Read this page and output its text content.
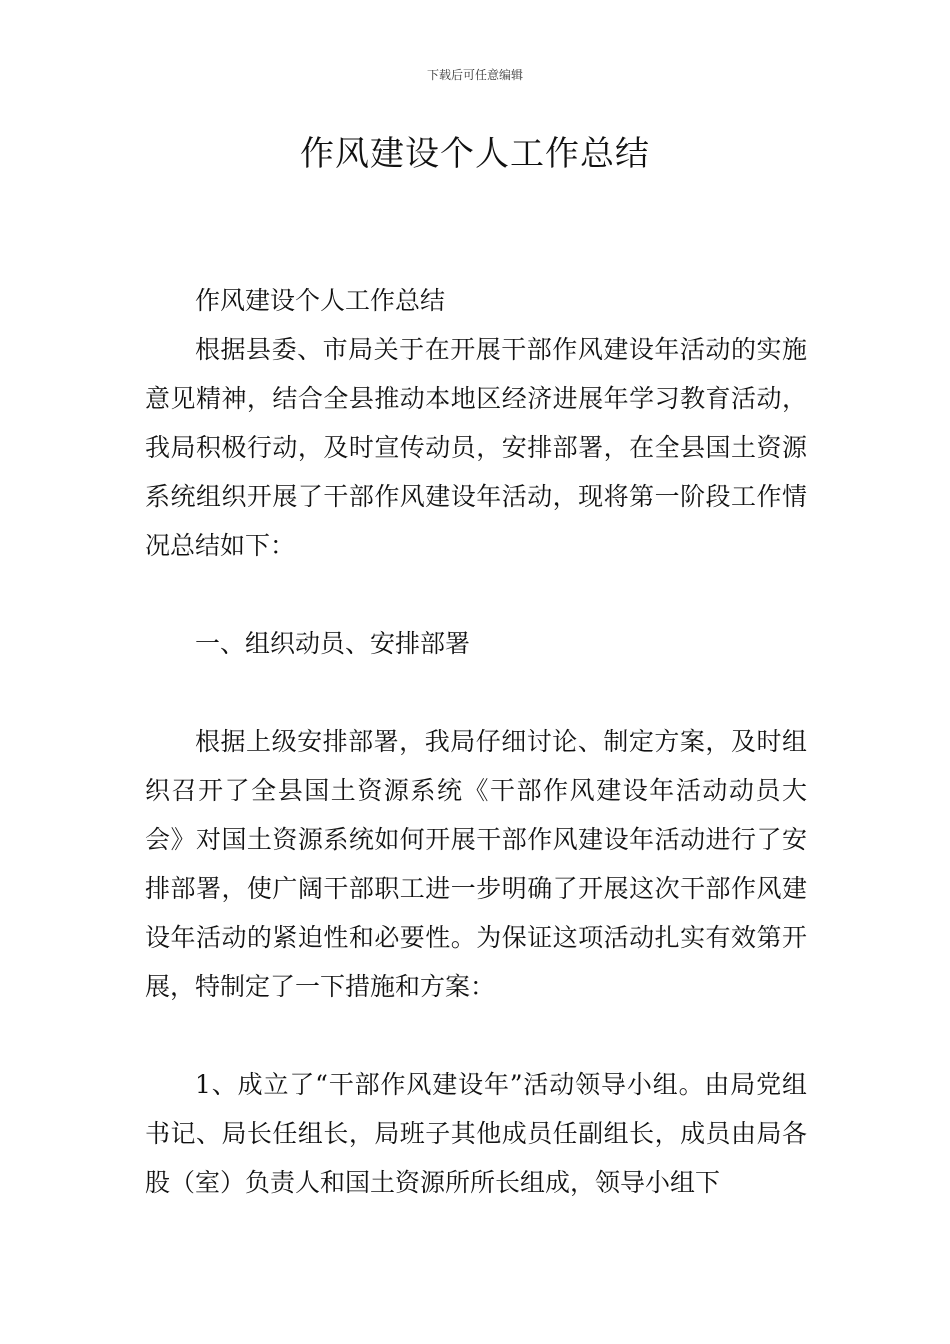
下载后可任意编辑
作风建设个人工作总结

作风建设个人工作总结

根据县委、市局关于在开展干部作风建设年活动的实施意见精神，结合全县推动本地区经济进展年学习教育活动，我局积极行动，及时宣传动员，安排部署，在全县国土资源系统组织开展了干部作风建设年活动，现将第一阶段工作情况总结如下：

一、组织动员、安排部署

根据上级安排部署，我局仔细讨论、制定方案，及时组织召开了全县国土资源系统《干部作风建设年活动动员大会》对国土资源系统如何开展干部作风建设年活动进行了安排部署，使广阔干部职工进一步明确了开展这次干部作风建设年活动的紧迫性和必要性。为保证这项活动扎实有效第开展，特制定了一下措施和方案：

1、成立了“干部作风建设年”活动领导小组。由局党组书记、局长任组长，局班子其他成员任副组长，成员由局各股（室）负责人和国土资源所所长组成，领导小组下
